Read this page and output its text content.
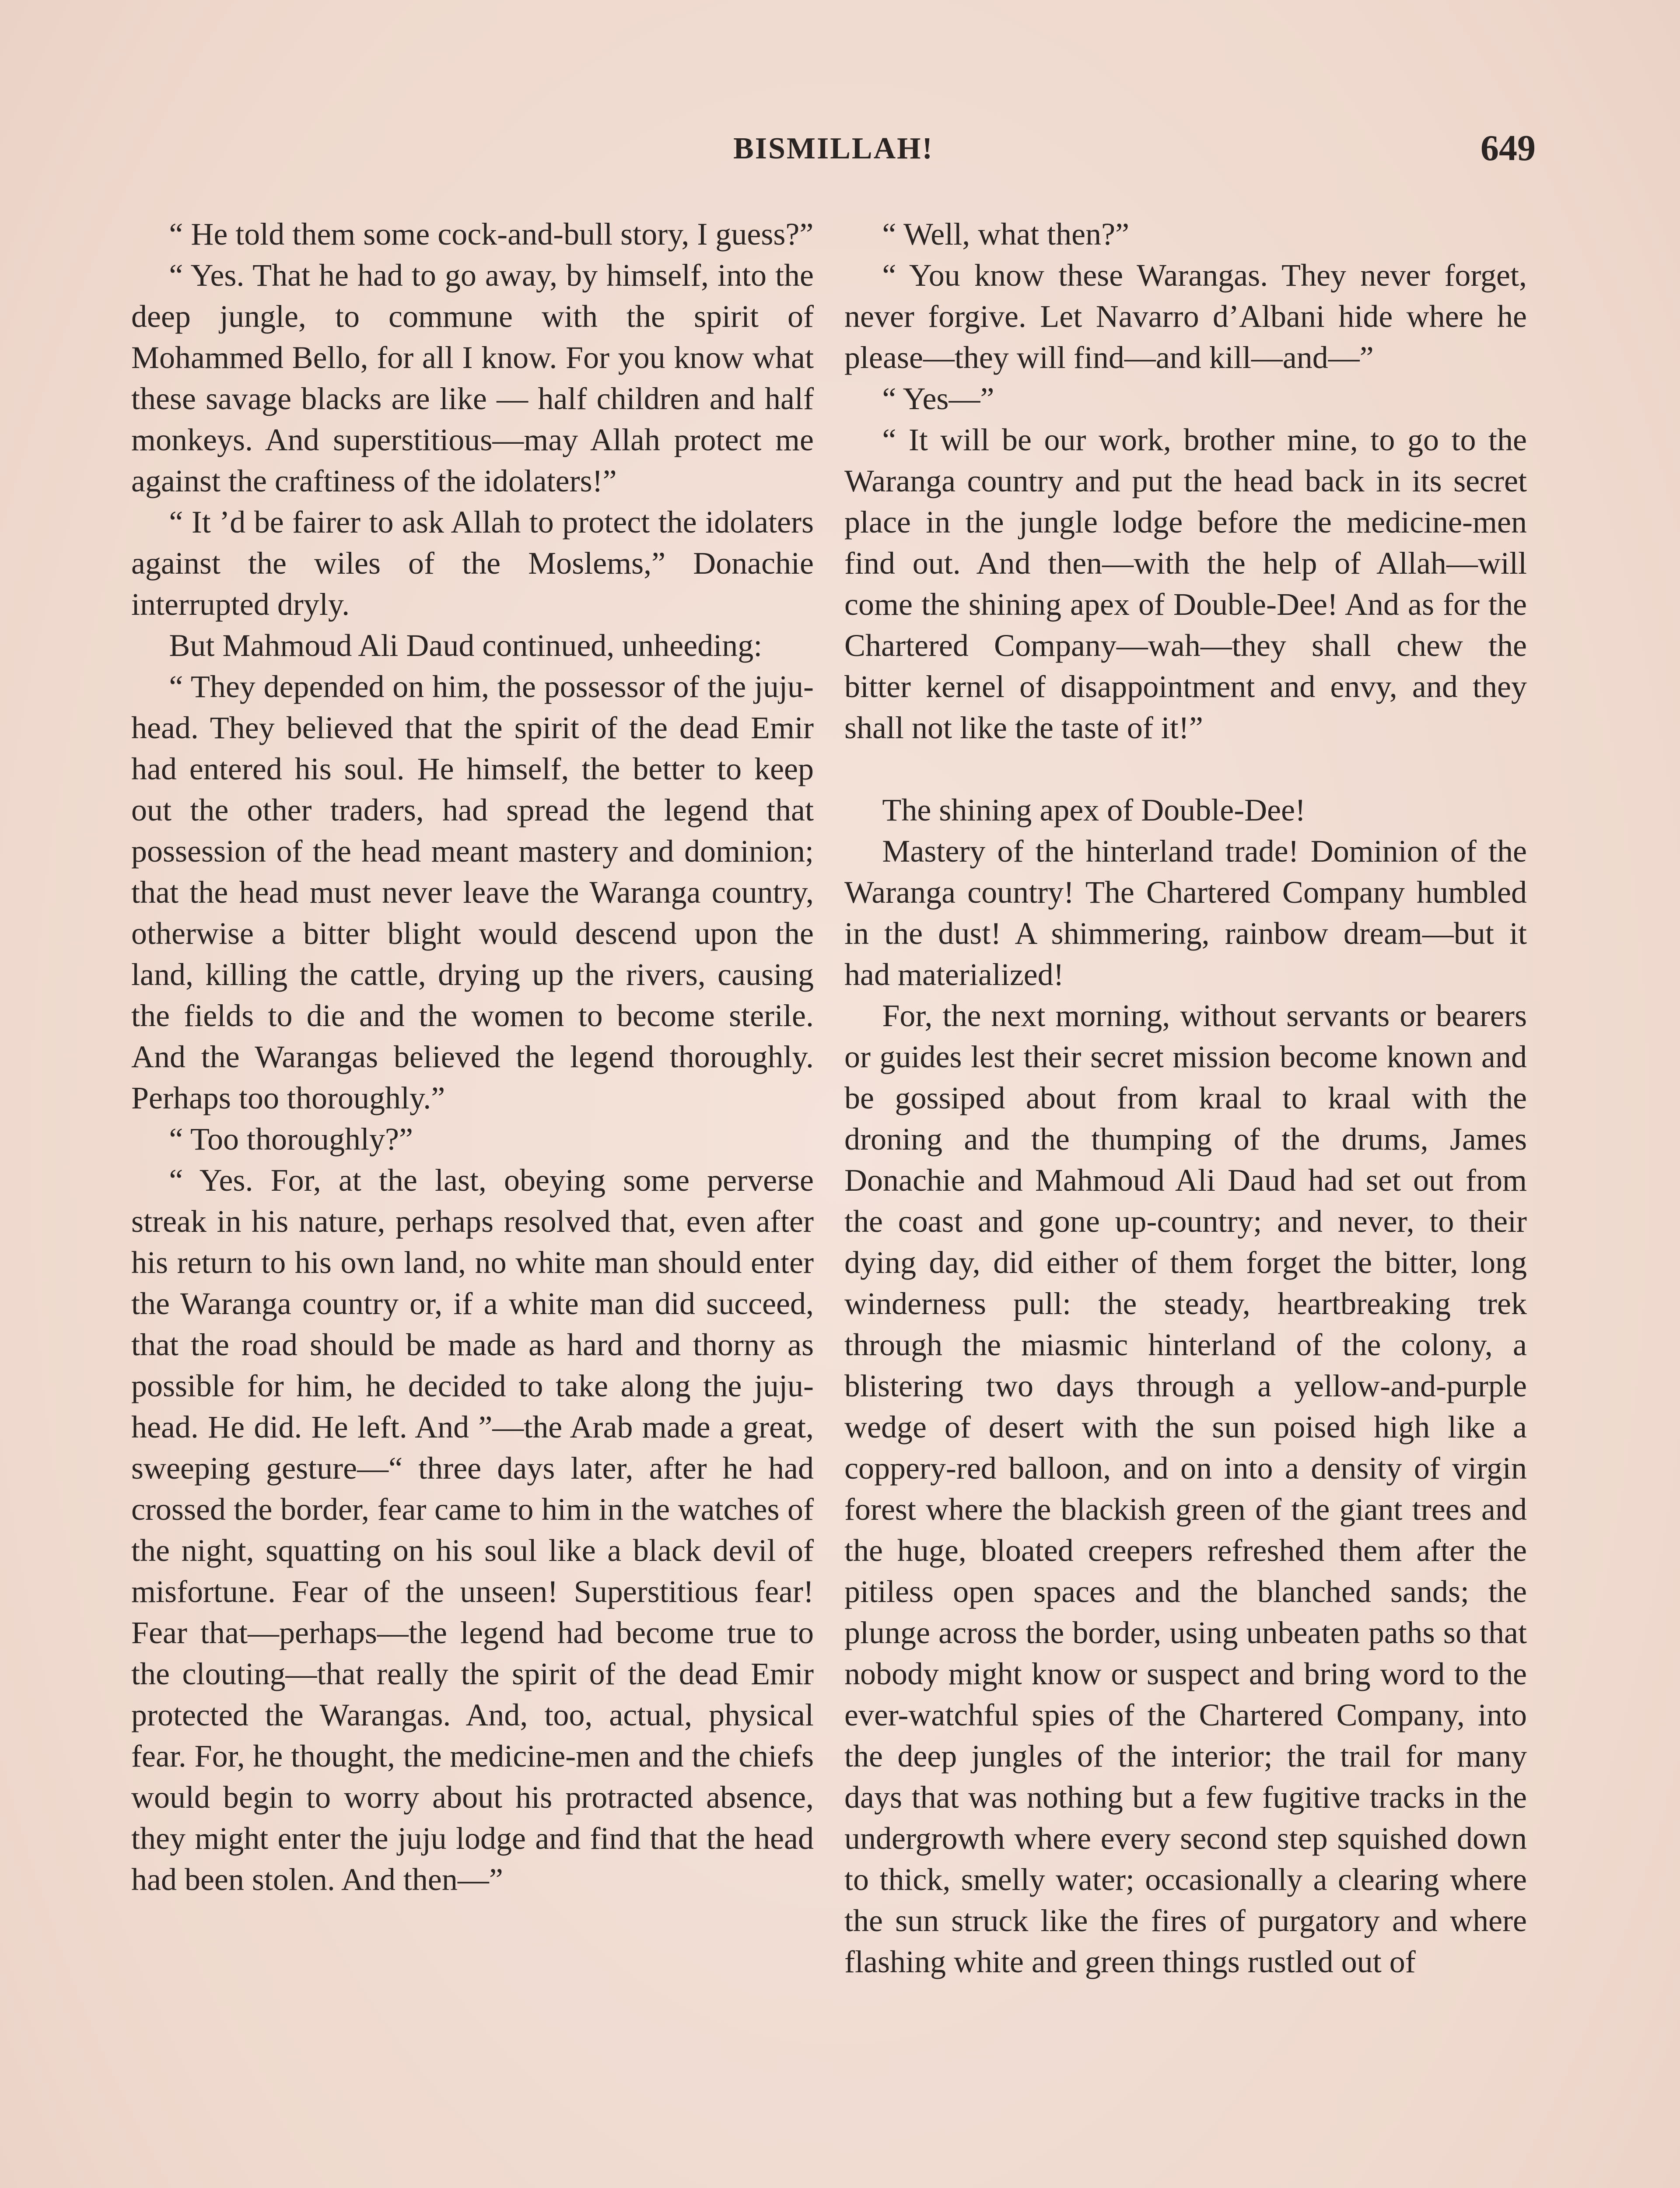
BISMILLAH!	649

“ He told them some cock-and-bull story, I guess?”

“ Yes. That he had to go away, by himself, into the deep jungle, to commune with the spirit of Mohammed Bello, for all I know. For you know what these savage blacks are like — half children and half monkeys. And superstitious—may Allah protect me against the craftiness of the idolaters!”

“ It ’d be fairer to ask Allah to protect the idolaters against the wiles of the Moslems,” Donachie interrupted dryly.

But Mahmoud Ali Daud continued, unheeding:

“ They depended on him, the possessor of the juju-head. They believed that the spirit of the dead Emir had entered his soul. He himself, the better to keep out the other traders, had spread the legend that possession of the head meant mastery and dominion; that the head must never leave the Waranga country, otherwise a bitter blight would descend upon the land, killing the cattle, drying up the rivers, causing the fields to die and the women to become sterile. And the Warangas believed the legend thoroughly. Perhaps too thoroughly.”

“ Too thoroughly?”

“ Yes. For, at the last, obeying some perverse streak in his nature, perhaps resolved that, even after his return to his own land, no white man should enter the Waranga country or, if a white man did succeed, that the road should be made as hard and thorny as possible for him, he decided to take along the juju-head. He did. He left. And ”—the Arab made a great, sweeping gesture—“ three days later, after he had crossed the border, fear came to him in the watches of the night, squatting on his soul like a black devil of misfortune. Fear of the unseen! Superstitious fear! Fear that—perhaps—the legend had become true to the clouting—that really the spirit of the dead Emir protected the Warangas. And, too, actual, physical fear. For, he thought, the medicine-men and the chiefs would begin to worry about his protracted absence, they might enter the juju lodge and find that the head had been stolen. And then—”

“ Well, what then?”

“ You know these Warangas. They never forget, never forgive. Let Navarro d’Albani hide where he please—they will find—and kill—and—”

“ Yes—”

“ It will be our work, brother mine, to go to the Waranga country and put the head back in its secret place in the jungle lodge before the medicine-men find out. And then—with the help of Allah—will come the shining apex of Double-Dee! And as for the Chartered Company—wah—they shall chew the bitter kernel of disappointment and envy, and they shall not like the taste of it!”

The shining apex of Double-Dee!

Mastery of the hinterland trade! Dominion of the Waranga country! The Chartered Company humbled in the dust! A shimmering, rainbow dream—but it had materialized!

For, the next morning, without servants or bearers or guides lest their secret mission become known and be gossiped about from kraal to kraal with the droning and the thumping of the drums, James Donachie and Mahmoud Ali Daud had set out from the coast and gone up-country; and never, to their dying day, did either of them forget the bitter, long winderness pull: the steady, heartbreaking trek through the miasmic hinterland of the colony, a blistering two days through a yellow-and-purple wedge of desert with the sun poised high like a coppery-red balloon, and on into a density of virgin forest where the blackish green of the giant trees and the huge, bloated creepers refreshed them after the pitiless open spaces and the blanched sands; the plunge across the border, using unbeaten paths so that nobody might know or suspect and bring word to the ever-watchful spies of the Chartered Company, into the deep jungles of the interior; the trail for many days that was nothing but a few fugitive tracks in the undergrowth where every second step squished down to thick, smelly water; occasionally a clearing where the sun struck like the fires of purgatory and where flashing white and green things rustled out of
